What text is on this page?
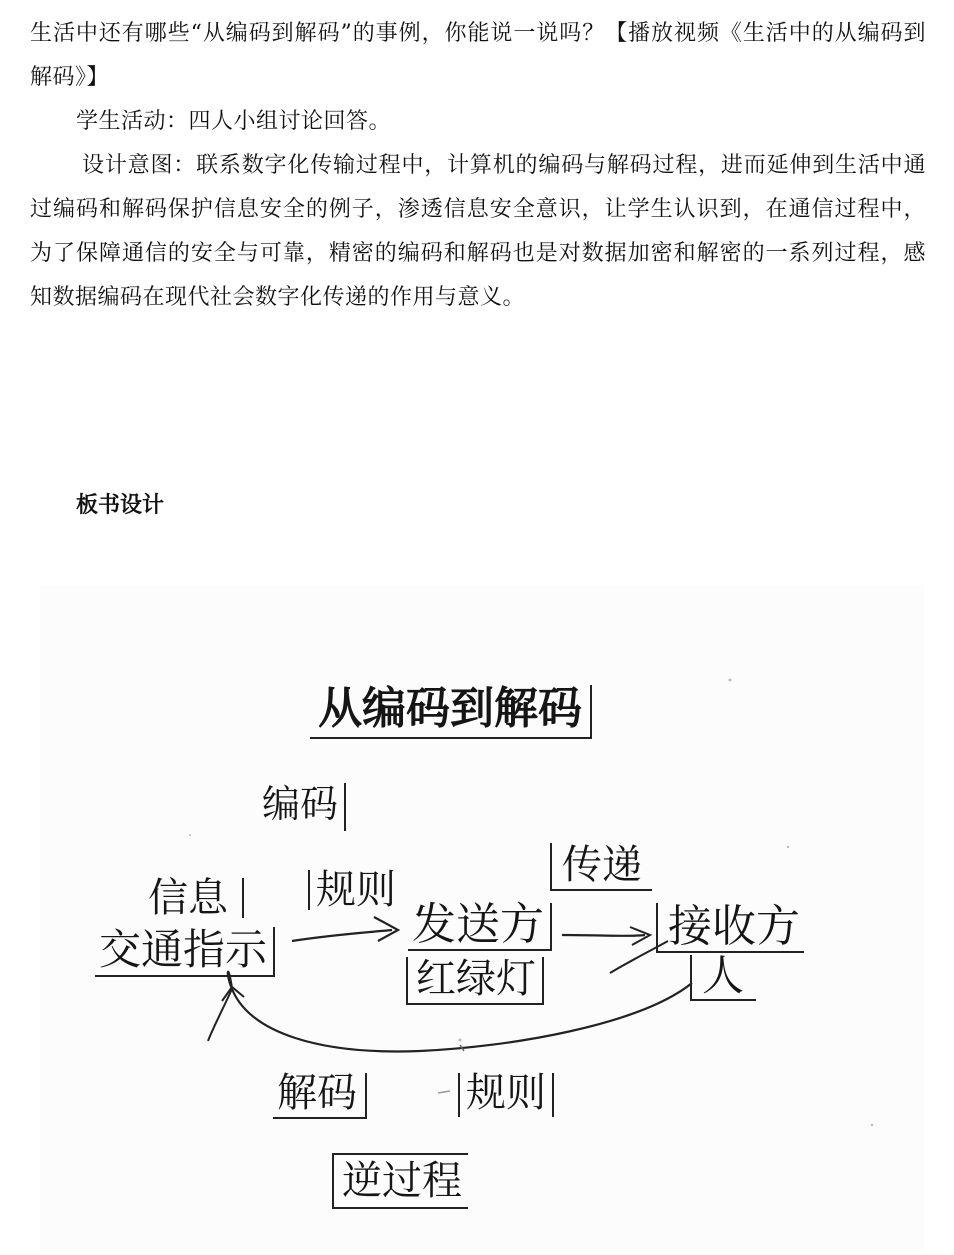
生活中还有哪些“从编码到解码”的事例，你能说一说吗？【播放视频《生活中的从编码到解码》】

学生活动：四人小组讨论回答。

设计意图：联系数字化传输过程中，计算机的编码与解码过程，进而延伸到生活中通过编码和解码保护信息安全的例子，渗透信息安全意识，让学生认识到，在通信过程中，为了保障通信的安全与可靠，精密的编码和解码也是对数据加密和解密的一系列过程，感知数据编码在现代社会数字化传递的作用与意义。

板书设计
从编码到解码
编码
信息
交通指示
规则
发送方
红绿灯
传递
接收方
人
解码	规则
逆过程
